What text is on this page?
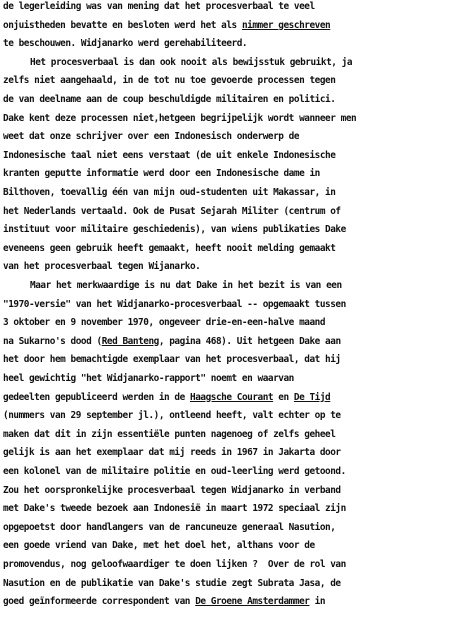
de legerleiding was van mening dat het procesverbaal te veel
onjuistheden bevatte en besloten werd het als nimmer geschreven
te beschouwen. Widjanarko werd gerehabiliteerd.
Het procesverbaal is dan ook nooit als bewijsstuk gebruikt, ja
zelfs niet aangehaald, in de tot nu toe gevoerde processen tegen
de van deelname aan de coup beschuldigde militairen en politici.
Dake kent deze processen niet,hetgeen begrijpelijk wordt wanneer men
weet dat onze schrijver over een Indonesisch onderwerp de
Indonesische taal niet eens verstaat (de uit enkele Indonesische
kranten geputte informatie werd door een Indonesische dame in
Bilthoven, toevallig één van mijn oud-studenten uit Makassar, in
het Nederlands vertaald. Ook de Pusat Sejarah Militer (centrum of
instituut voor militaire geschiedenis), van wiens publikaties Dake
eveneens geen gebruik heeft gemaakt, heeft nooit melding gemaakt
van het procesverbaal tegen Wijanarko.
Maar het merkwaardige is nu dat Dake in het bezit is van een
"1970-versie" van het Widjanarko-procesverbaal -- opgemaakt tussen
3 oktober en 9 november 1970, ongeveer drie-en-een-halve maand
na Sukarno's dood (Red Banteng, pagina 468). Uit hetgeen Dake aan
het door hem bemachtigde exemplaar van het procesverbaal, dat hij
heel gewichtig "het Widjanarko-rapport" noemt en waarvan
gedeelten gepubliceerd werden in de Haagsche Courant en De Tijd
(nummers van 29 september jl.), ontleend heeft, valt echter op te
maken dat dit in zijn essentiële punten nagenoeg of zelfs geheel
gelijk is aan het exemplaar dat mij reeds in 1967 in Jakarta door
een kolonel van de militaire politie en oud-leerling werd getoond.
Zou het oorspronkelijke procesverbaal tegen Widjanarko in verband
met Dake's tweede bezoek aan Indonesië in maart 1972 speciaal zijn
opgepoetst door handlangers van de rancuneuze generaal Nasution,
een goede vriend van Dake, met het doel het, althans voor de
promovendus, nog geloofwaardiger te doen lijken ?  Over de rol van
Nasution en de publikatie van Dake's studie zegt Subrata Jasa, de
goed geïnformeerde correspondent van De Groene Amsterdammer in
